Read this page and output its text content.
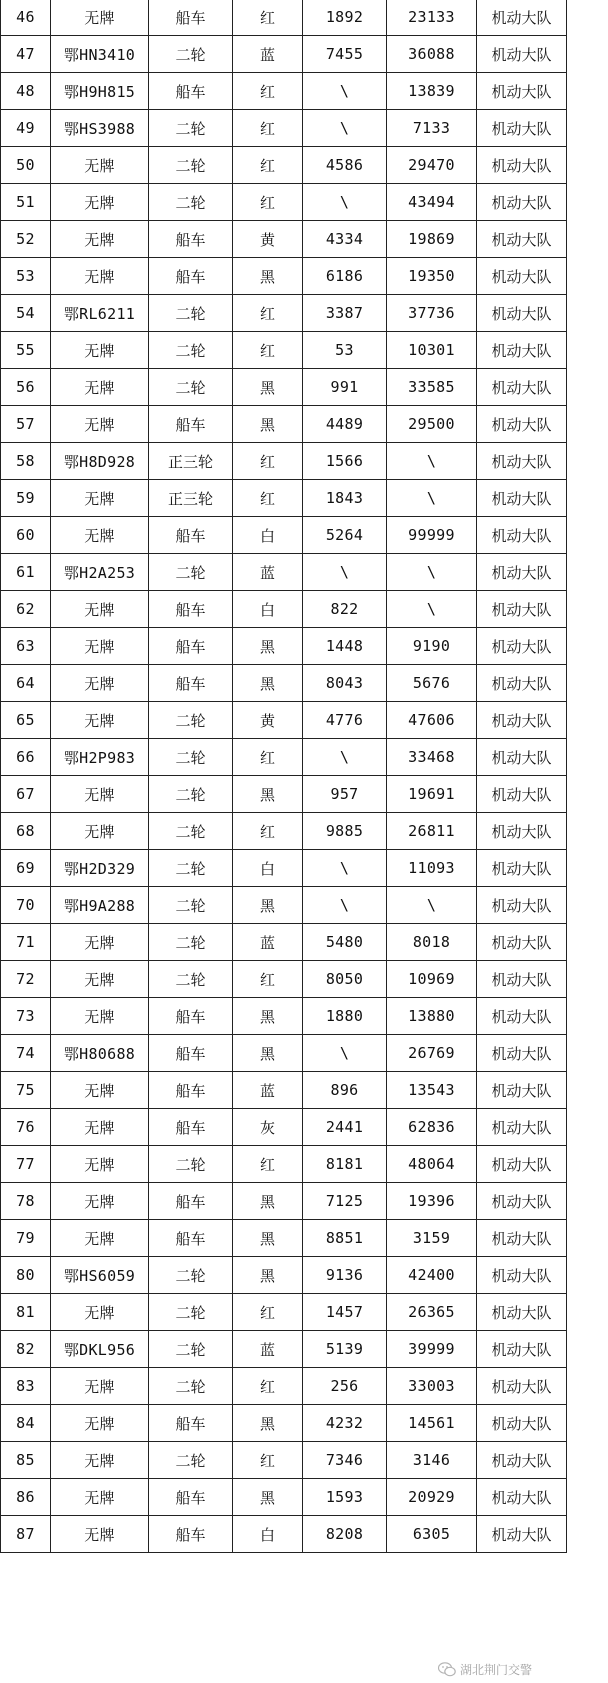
46	无牌	船车	红	1892	23133	机动大队
47	鄂HN3410	二轮	蓝	7455	36088	机动大队
48	鄂H9H815	船车	红	\	13839	机动大队
49	鄂HS3988	二轮	红	\	7133	机动大队
50	无牌	二轮	红	4586	29470	机动大队
51	无牌	二轮	红	\	43494	机动大队
52	无牌	船车	黄	4334	19869	机动大队
53	无牌	船车	黑	6186	19350	机动大队
54	鄂RL6211	二轮	红	3387	37736	机动大队
55	无牌	二轮	红	53	10301	机动大队
56	无牌	二轮	黑	991	33585	机动大队
57	无牌	船车	黑	4489	29500	机动大队
58	鄂H8D928	正三轮	红	1566	\	机动大队
59	无牌	正三轮	红	1843	\	机动大队
60	无牌	船车	白	5264	99999	机动大队
61	鄂H2A253	二轮	蓝	\	\	机动大队
62	无牌	船车	白	822	\	机动大队
63	无牌	船车	黑	1448	9190	机动大队
64	无牌	船车	黑	8043	5676	机动大队
65	无牌	二轮	黄	4776	47606	机动大队
66	鄂H2P983	二轮	红	\	33468	机动大队
67	无牌	二轮	黑	957	19691	机动大队
68	无牌	二轮	红	9885	26811	机动大队
69	鄂H2D329	二轮	白	\	11093	机动大队
70	鄂H9A288	二轮	黑	\	\	机动大队
71	无牌	二轮	蓝	5480	8018	机动大队
72	无牌	二轮	红	8050	10969	机动大队
73	无牌	船车	黑	1880	13880	机动大队
74	鄂H80688	船车	黑	\	26769	机动大队
75	无牌	船车	蓝	896	13543	机动大队
76	无牌	船车	灰	2441	62836	机动大队
77	无牌	二轮	红	8181	48064	机动大队
78	无牌	船车	黑	7125	19396	机动大队
79	无牌	船车	黑	8851	3159	机动大队
80	鄂HS6059	二轮	黑	9136	42400	机动大队
81	无牌	二轮	红	1457	26365	机动大队
82	鄂DKL956	二轮	蓝	5139	39999	机动大队
83	无牌	二轮	红	256	33003	机动大队
84	无牌	船车	黑	4232	14561	机动大队
85	无牌	二轮	红	7346	3146	机动大队
86	无牌	船车	黑	1593	20929	机动大队
87	无牌	船车	白	8208	6305	机动大队
湖北荆门交警
